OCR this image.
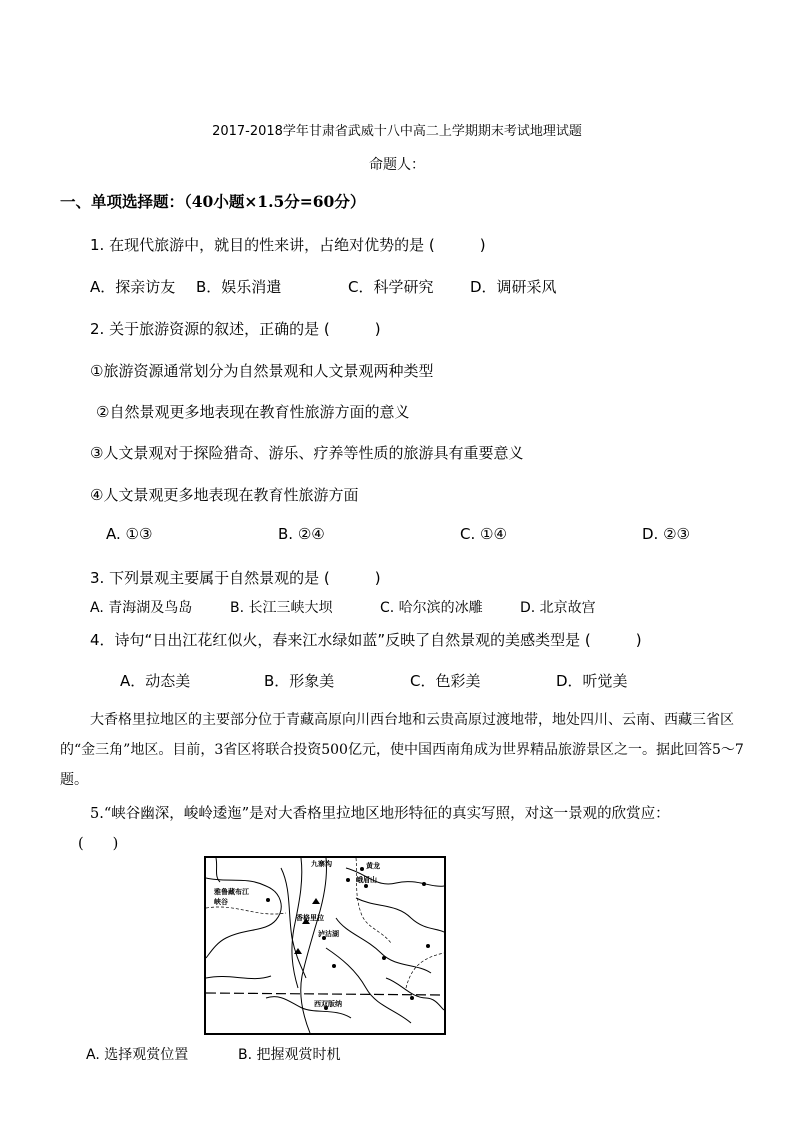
2017-2018学年甘肃省武威十八中高二上学期期末考试地理试题
命题人：
一、单项选择题：（40小题×1.5分=60分）
1. 在现代旅游中，就目的性来讲，占绝对优势的是 (　　　)
A．探亲访友 B．娱乐消遣	C．科学研究 D．调研采风
2. 关于旅游资源的叙述，正确的是 (　　　)
①旅游资源通常划分为自然景观和人文景观两种类型
②自然景观更多地表现在教育性旅游方面的意义
③人文景观对于探险猎奇、游乐、疗养等性质的旅游具有重要意义
④人文景观更多地表现在教育性旅游方面
A. ①③	B. ②④	C. ①④	D. ②③
3. 下列景观主要属于自然景观的是 (　　　)
A. 青海湖及鸟岛	B. 长江三峡大坝	C. 哈尔滨的冰雕	D. 北京故宫
4．诗句“日出江花红似火，春来江水绿如蓝”反映了自然景观的美感类型是 (　　　)
A．动态美	B．形象美	C．色彩美	D．听觉美
大香格里拉地区的主要部分位于青藏高原向川西台地和云贵高原过渡地带，地处四川、云南、西藏三省区的“金三角”地区。目前，3省区将联合投资500亿元，使中国西南角成为世界精品旅游景区之一。据此回答5～7题。
5.“峡谷幽深，峻岭逶迤”是对大香格里拉地区地形特征的真实写照，对这一景观的欣赏应：
(　　)
九寨沟	黄龙
峨眉山
雅鲁藏布江
峡谷
香格里拉
泸沽湖
西双版纳
A. 选择观赏位置	B. 把握观赏时机
